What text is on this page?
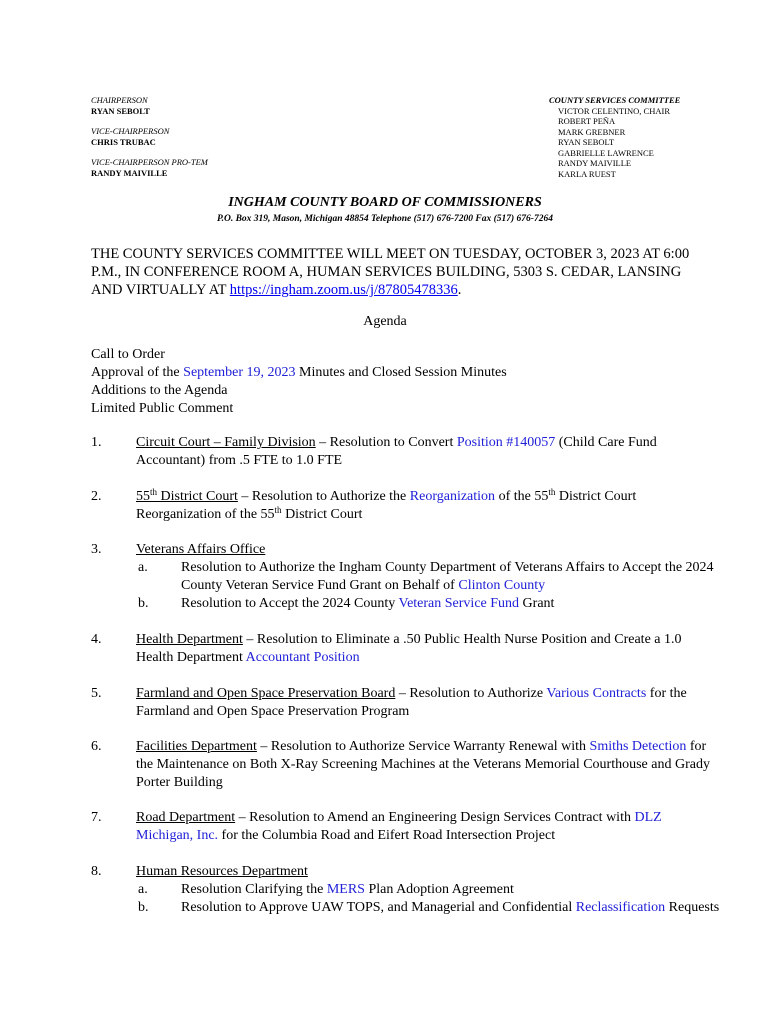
CHAIRPERSON
RYAN SEBOLT
VICE-CHAIRPERSON
CHRIS TRUBAC
VICE-CHAIRPERSON PRO-TEM
RANDY MAIVILLE
COUNTY SERVICES COMMITTEE
VICTOR CELENTINO, CHAIR
ROBERT PEÑA
MARK GREBNER
RYAN SEBOLT
GABRIELLE LAWRENCE
RANDY MAIVILLE
KARLA RUEST
INGHAM COUNTY BOARD OF COMMISSIONERS
P.O. Box 319, Mason, Michigan 48854 Telephone (517) 676-7200 Fax (517) 676-7264
THE COUNTY SERVICES COMMITTEE WILL MEET ON TUESDAY, OCTOBER 3, 2023 AT 6:00 P.M., IN CONFERENCE ROOM A, HUMAN SERVICES BUILDING, 5303 S. CEDAR, LANSING AND VIRTUALLY AT https://ingham.zoom.us/j/87805478336.
Agenda
Call to Order
Approval of the September 19, 2023 Minutes and Closed Session Minutes
Additions to the Agenda
Limited Public Comment
1. Circuit Court – Family Division – Resolution to Convert Position #140057 (Child Care Fund Accountant) from .5 FTE to 1.0 FTE
2. 55th District Court – Resolution to Authorize the Reorganization of the 55th District Court Reorganization of the 55th District Court
3. Veterans Affairs Office
a. Resolution to Authorize the Ingham County Department of Veterans Affairs to Accept the 2024 County Veteran Service Fund Grant on Behalf of Clinton County
b. Resolution to Accept the 2024 County Veteran Service Fund Grant
4. Health Department – Resolution to Eliminate a .50 Public Health Nurse Position and Create a 1.0 Health Department Accountant Position
5. Farmland and Open Space Preservation Board – Resolution to Authorize Various Contracts for the Farmland and Open Space Preservation Program
6. Facilities Department – Resolution to Authorize Service Warranty Renewal with Smiths Detection for the Maintenance on Both X-Ray Screening Machines at the Veterans Memorial Courthouse and Grady Porter Building
7. Road Department – Resolution to Amend an Engineering Design Services Contract with DLZ Michigan, Inc. for the Columbia Road and Eifert Road Intersection Project
8. Human Resources Department
a. Resolution Clarifying the MERS Plan Adoption Agreement
b. Resolution to Approve UAW TOPS, and Managerial and Confidential Reclassification Requests
